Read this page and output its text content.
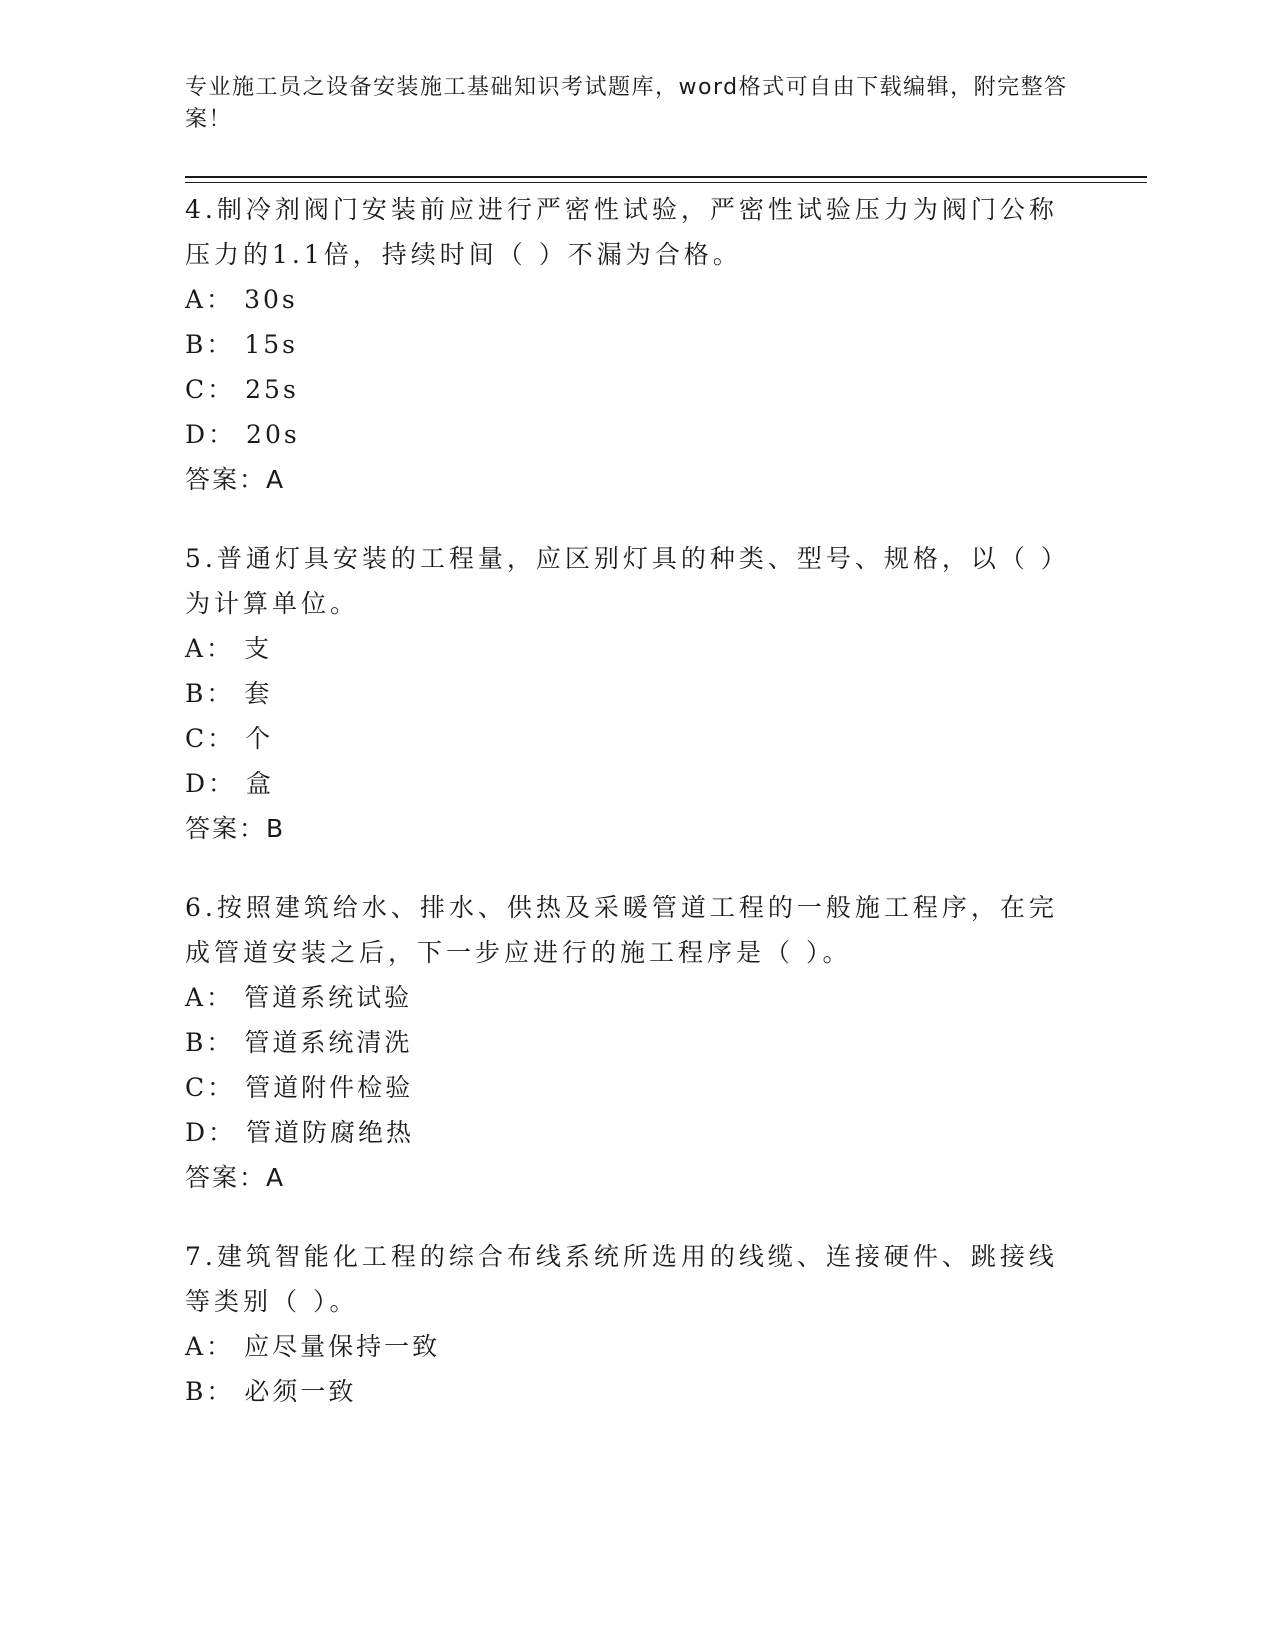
专业施工员之设备安装施工基础知识考试题库，word格式可自由下载编辑，附完整答案！

4.制冷剂阀门安装前应进行严密性试验，严密性试验压力为阀门公称压力的1.1倍，持续时间（ ）不漏为合格。

A： 30s
B： 15s
C： 25s
D： 20s
答案：A

5.普通灯具安装的工程量，应区别灯具的种类、型号、规格，以（ ）为计算单位。

A： 支
B： 套
C： 个
D： 盒
答案：B

6.按照建筑给水、排水、供热及采暖管道工程的一般施工程序，在完成管道安装之后，下一步应进行的施工程序是（ ）。

A： 管道系统试验
B： 管道系统清洗
C： 管道附件检验
D： 管道防腐绝热
答案：A

7.建筑智能化工程的综合布线系统所选用的线缆、连接硬件、跳接线等类别（ ）。

A： 应尽量保持一致
B： 必须一致
